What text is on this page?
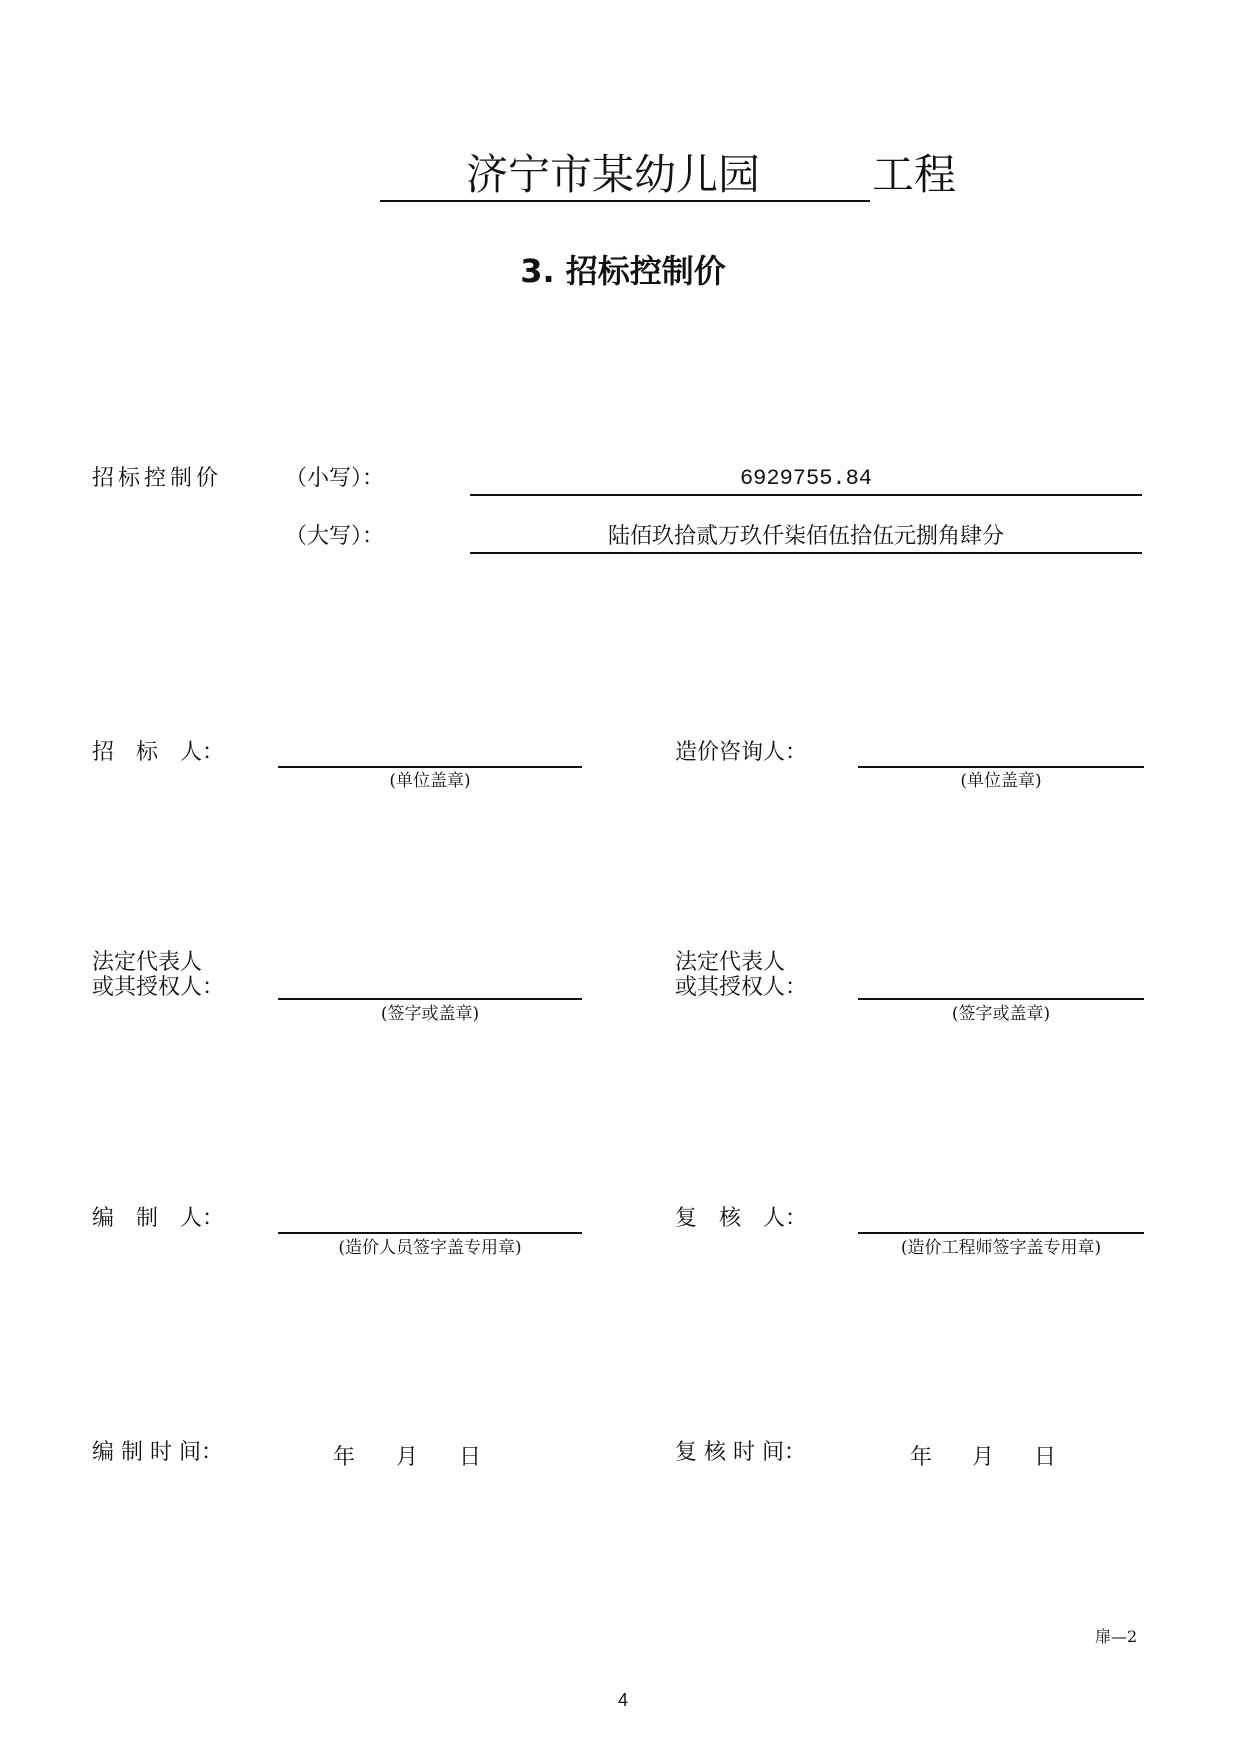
济宁市某幼儿园	工程
3. 招标控制价
招标控制价	（小写）：	6929755.84
（大写）：	陆佰玖拾贰万玖仟柒佰伍拾伍元捌角肆分
招　标　人：
(单位盖章)
造价咨询人：
(单位盖章)
法定代表人
或其授权人：
(签字或盖章)
法定代表人
或其授权人：
(签字或盖章)
编　制　人：
(造价人员签字盖专用章)
复　核　人：
(造价工程师签字盖专用章)
编 制 时 间：	年 月 日	复 核 时 间：	年 月 日
扉—2
4
